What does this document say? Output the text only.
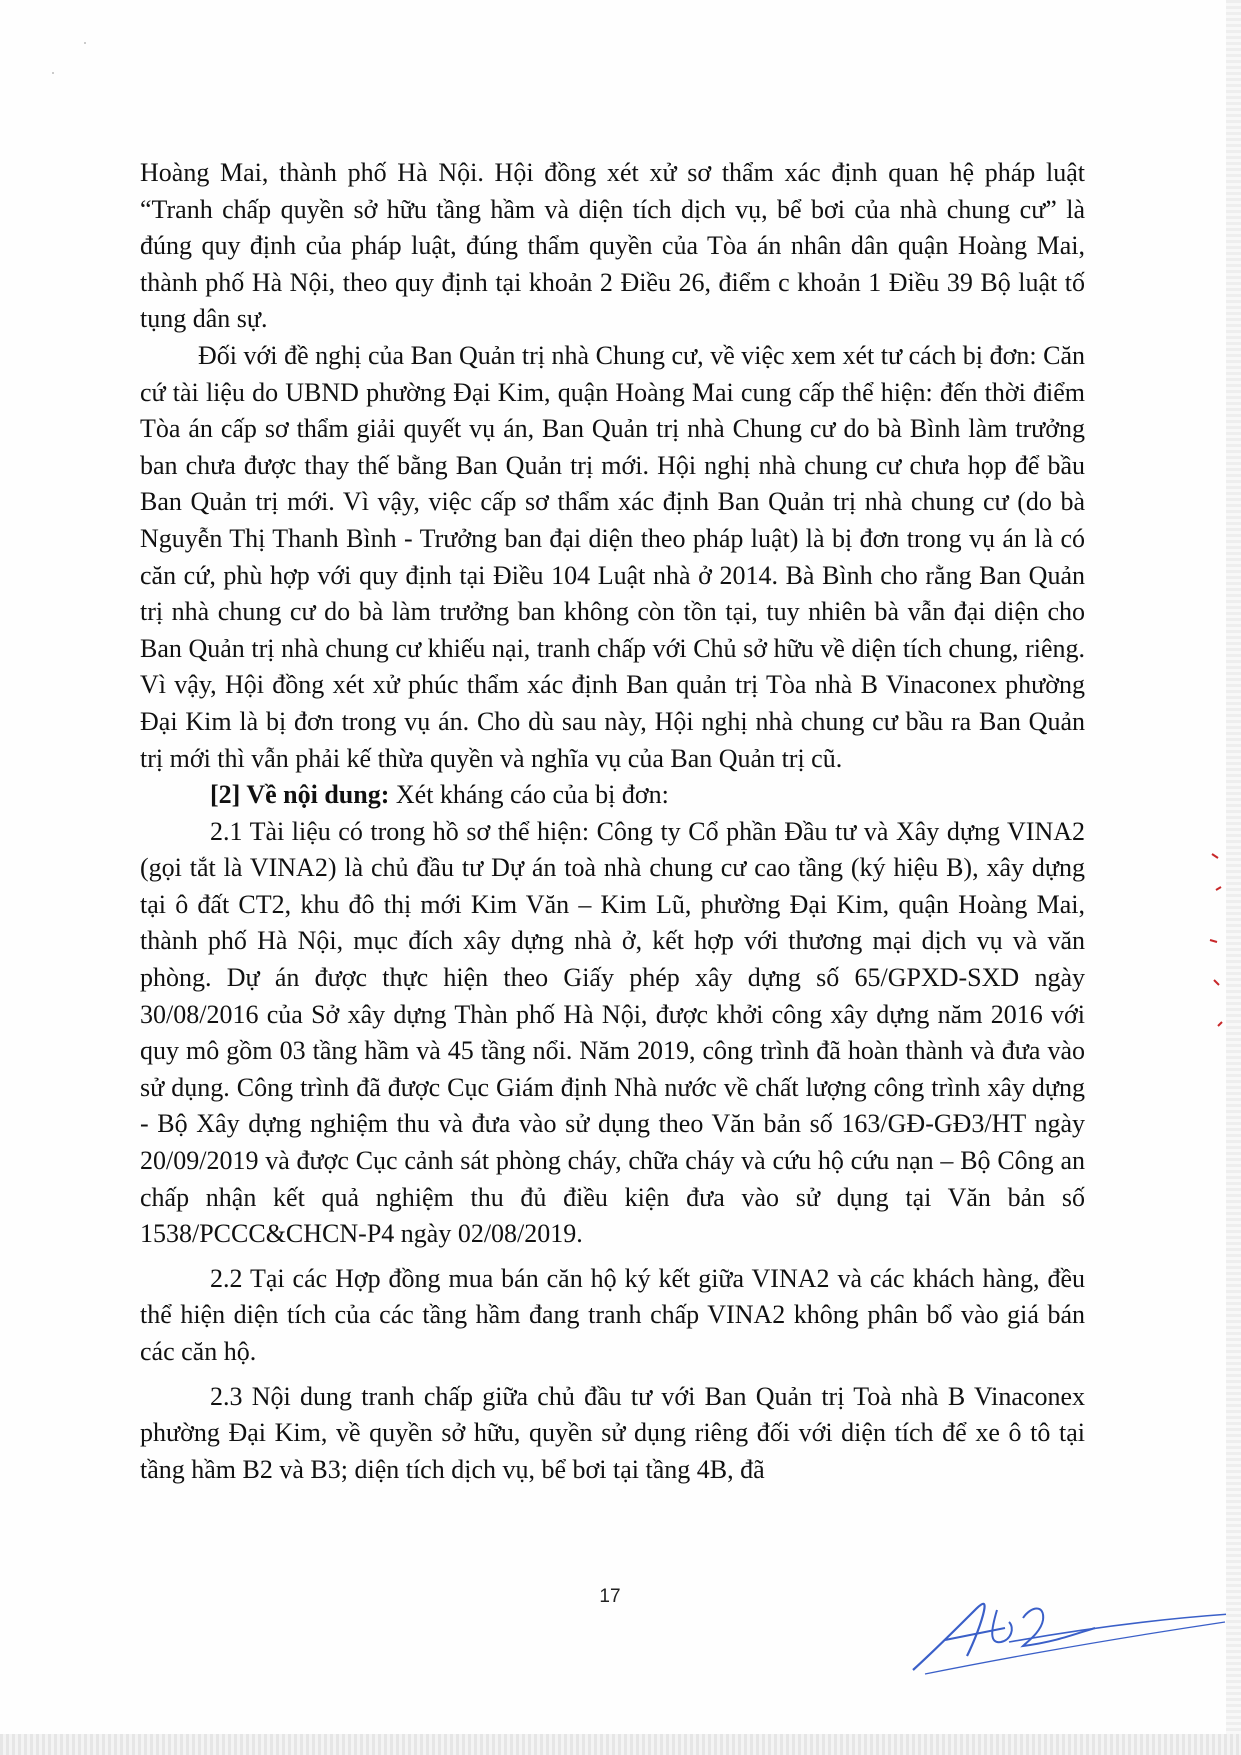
Hoàng Mai, thành phố Hà Nội. Hội đồng xét xử sơ thẩm xác định quan hệ pháp luật “Tranh chấp quyền sở hữu tầng hầm và diện tích dịch vụ, bể bơi của nhà chung cư” là đúng quy định của pháp luật, đúng thẩm quyền của Tòa án nhân dân quận Hoàng Mai, thành phố Hà Nội, theo quy định tại khoản 2 Điều 26, điểm c khoản 1 Điều 39 Bộ luật tố tụng dân sự.

Đối với đề nghị của Ban Quản trị nhà Chung cư, về việc xem xét tư cách bị đơn: Căn cứ tài liệu do UBND phường Đại Kim, quận Hoàng Mai cung cấp thể hiện: đến thời điểm Tòa án cấp sơ thẩm giải quyết vụ án, Ban Quản trị nhà Chung cư do bà Bình làm trưởng ban chưa được thay thế bằng Ban Quản trị mới. Hội nghị nhà chung cư chưa họp để bầu Ban Quản trị mới. Vì vậy, việc cấp sơ thẩm xác định Ban Quản trị nhà chung cư (do bà Nguyễn Thị Thanh Bình - Trưởng ban đại diện theo pháp luật) là bị đơn trong vụ án là có căn cứ, phù hợp với quy định tại Điều 104 Luật nhà ở 2014. Bà Bình cho rằng Ban Quản trị nhà chung cư do bà làm trưởng ban không còn tồn tại, tuy nhiên bà vẫn đại diện cho Ban Quản trị nhà chung cư khiếu nại, tranh chấp với Chủ sở hữu về diện tích chung, riêng. Vì vậy, Hội đồng xét xử phúc thẩm xác định Ban quản trị Tòa nhà B Vinaconex phường Đại Kim là bị đơn trong vụ án. Cho dù sau này, Hội nghị nhà chung cư bầu ra Ban Quản trị mới thì vẫn phải kế thừa quyền và nghĩa vụ của Ban Quản trị cũ.

[2] Về nội dung: Xét kháng cáo của bị đơn:

2.1 Tài liệu có trong hồ sơ thể hiện: Công ty Cổ phần Đầu tư và Xây dựng VINA2 (gọi tắt là VINA2) là chủ đầu tư Dự án toà nhà chung cư cao tầng (ký hiệu B), xây dựng tại ô đất CT2, khu đô thị mới Kim Văn – Kim Lũ, phường Đại Kim, quận Hoàng Mai, thành phố Hà Nội, mục đích xây dựng nhà ở, kết hợp với thương mại dịch vụ và văn phòng. Dự án được thực hiện theo Giấy phép xây dựng số 65/GPXD-SXD ngày 30/08/2016 của Sở xây dựng Thàn phố Hà Nội, được khởi công xây dựng năm 2016 với quy mô gồm 03 tầng hầm và 45 tầng nổi. Năm 2019, công trình đã hoàn thành và đưa vào sử dụng. Công trình đã được Cục Giám định Nhà nước về chất lượng công trình xây dựng - Bộ Xây dựng nghiệm thu và đưa vào sử dụng theo Văn bản số 163/GĐ-GĐ3/HT ngày 20/09/2019 và được Cục cảnh sát phòng cháy, chữa cháy và cứu hộ cứu nạn – Bộ Công an chấp nhận kết quả nghiệm thu đủ điều kiện đưa vào sử dụng tại Văn bản số 1538/PCCC&CHCN-P4 ngày 02/08/2019.

2.2 Tại các Hợp đồng mua bán căn hộ ký kết giữa VINA2 và các khách hàng, đều thể hiện diện tích của các tầng hầm đang tranh chấp VINA2 không phân bổ vào giá bán các căn hộ.

2.3 Nội dung tranh chấp giữa chủ đầu tư với Ban Quản trị Toà nhà B Vinaconex phường Đại Kim, về quyền sở hữu, quyền sử dụng riêng đối với diện tích để xe ô tô tại tầng hầm B2 và B3; diện tích dịch vụ, bể bơi tại tầng 4B, đã

17
